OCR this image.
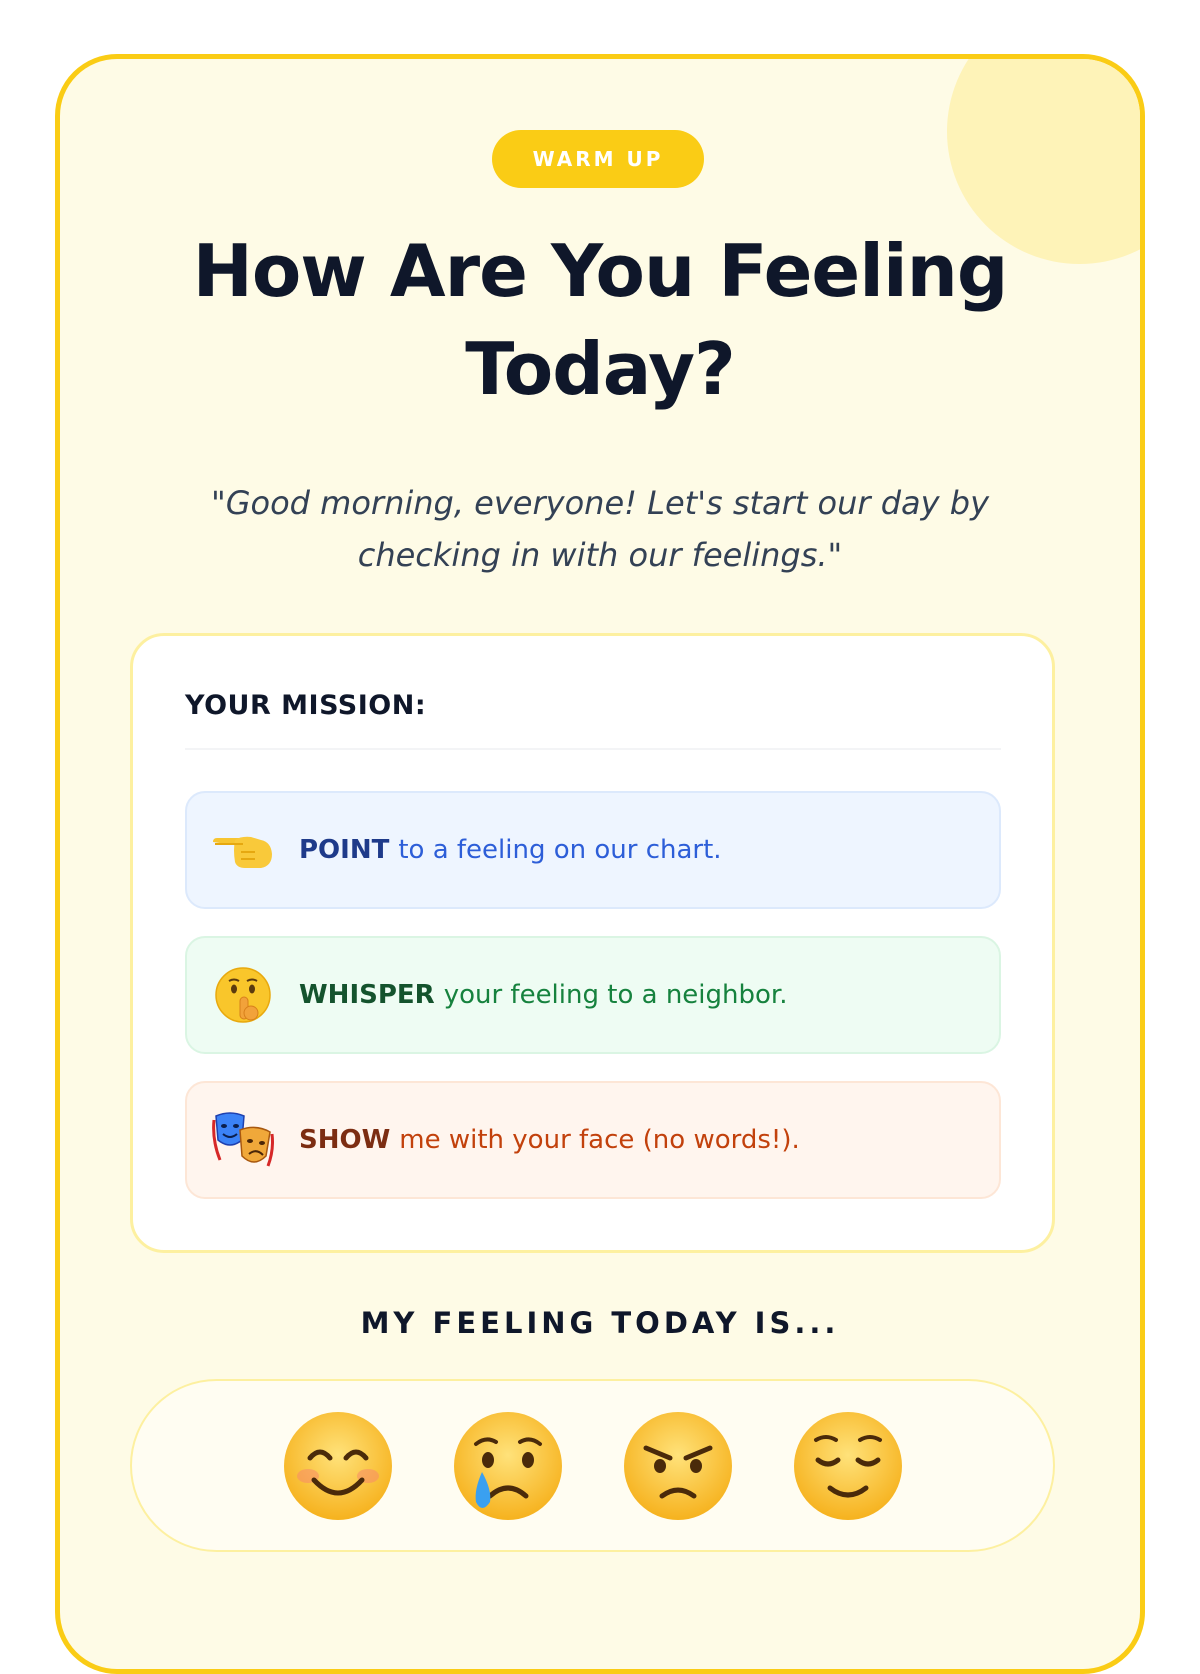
WARM UP
How Are You Feeling Today?

"Good morning, everyone! Let's start our day by checking in with our feelings."

YOUR MISSION:
POINT to a feeling on our chart.
WHISPER your feeling to a neighbor.
SHOW me with your face (no words!).
MY FEELING TODAY IS...
